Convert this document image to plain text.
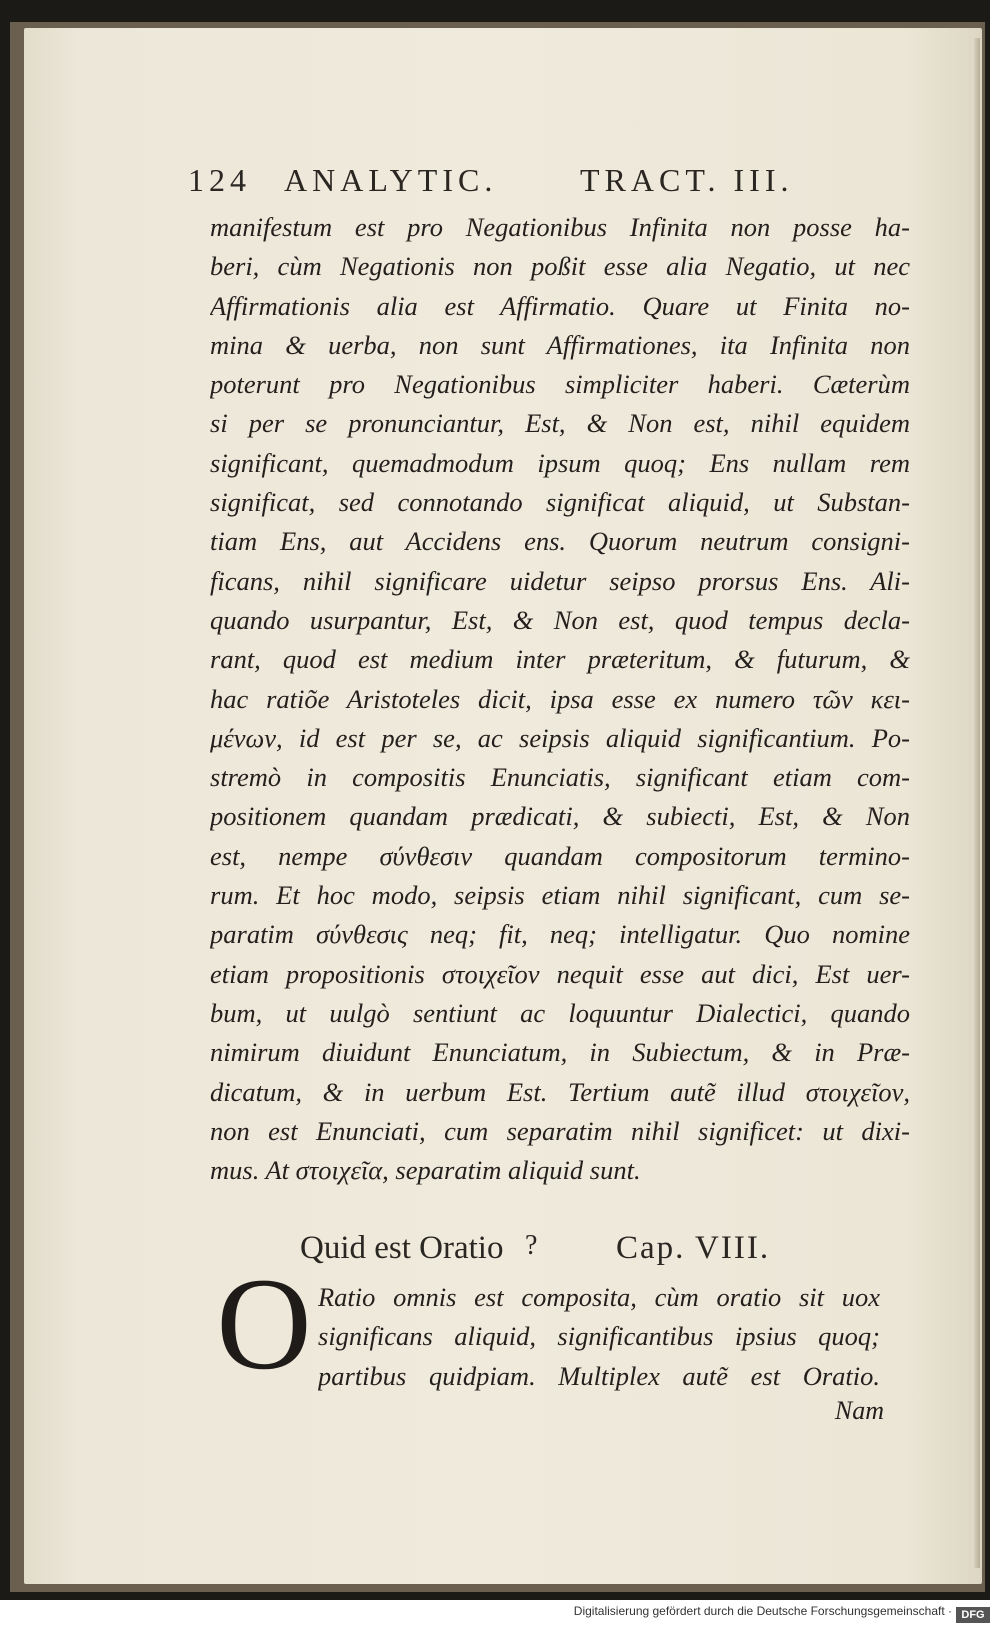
124 ANALYTIC.	TRACT. III.
manifestum est pro Negationibus Infinita non posse ha-
beri, cùm Negationis non poßit esse alia Negatio, ut nec
Affirmationis alia est Affirmatio. Quare ut Finita no-
mina & uerba, non sunt Affirmationes, ita Infinita non
poterunt pro Negationibus simpliciter haberi. Cæterùm
si per se pronunciantur, Est, & Non est, nihil equidem
significant, quemadmodum ipsum quoq; Ens nullam rem
significat, sed connotando significat aliquid, ut Substan-
tiam Ens, aut Accidens ens. Quorum neutrum consigni-
ficans, nihil significare uidetur seipso prorsus Ens. Ali-
quando usurpantur, Est, & Non est, quod tempus decla-
rant, quod est medium inter præteritum, & futurum, &
hac ratiõe Aristoteles dicit, ipsa esse ex numero τῶν κει-
μένων, id est per se, ac seipsis aliquid significantium. Po-
stremò in compositis Enunciatis, significant etiam com-
positionem quandam prædicati, & subiecti, Est, & Non
est, nempe σύνθεσιν quandam compositorum termino-
rum. Et hoc modo, seipsis etiam nihil significant, cum se-
paratim σύνθεσις neq; fit, neq; intelligatur. Quo nomine
etiam propositionis στοιχεῖον nequit esse aut dici, Est uer-
bum, ut uulgò sentiunt ac loquuntur Dialectici, quando
nimirum diuidunt Enunciatum, in Subiectum, & in Præ-
dicatum, & in uerbum Est. Tertium autẽ illud στοιχεῖον,
non est Enunciati, cum separatim nihil significet: ut dixi-
mus. At στοιχεῖα, separatim aliquid sunt.
Quid est Oratio ? Cap. VIII.
O Ratio omnis est composita, cùm oratio sit uox
significans aliquid, significantibus ipsius quoq;
partibus quidpiam. Multiplex autẽ est Oratio.
Nam
Digitalisierung gefördert durch die Deutsche Forschungsgemeinschaft · DFG
